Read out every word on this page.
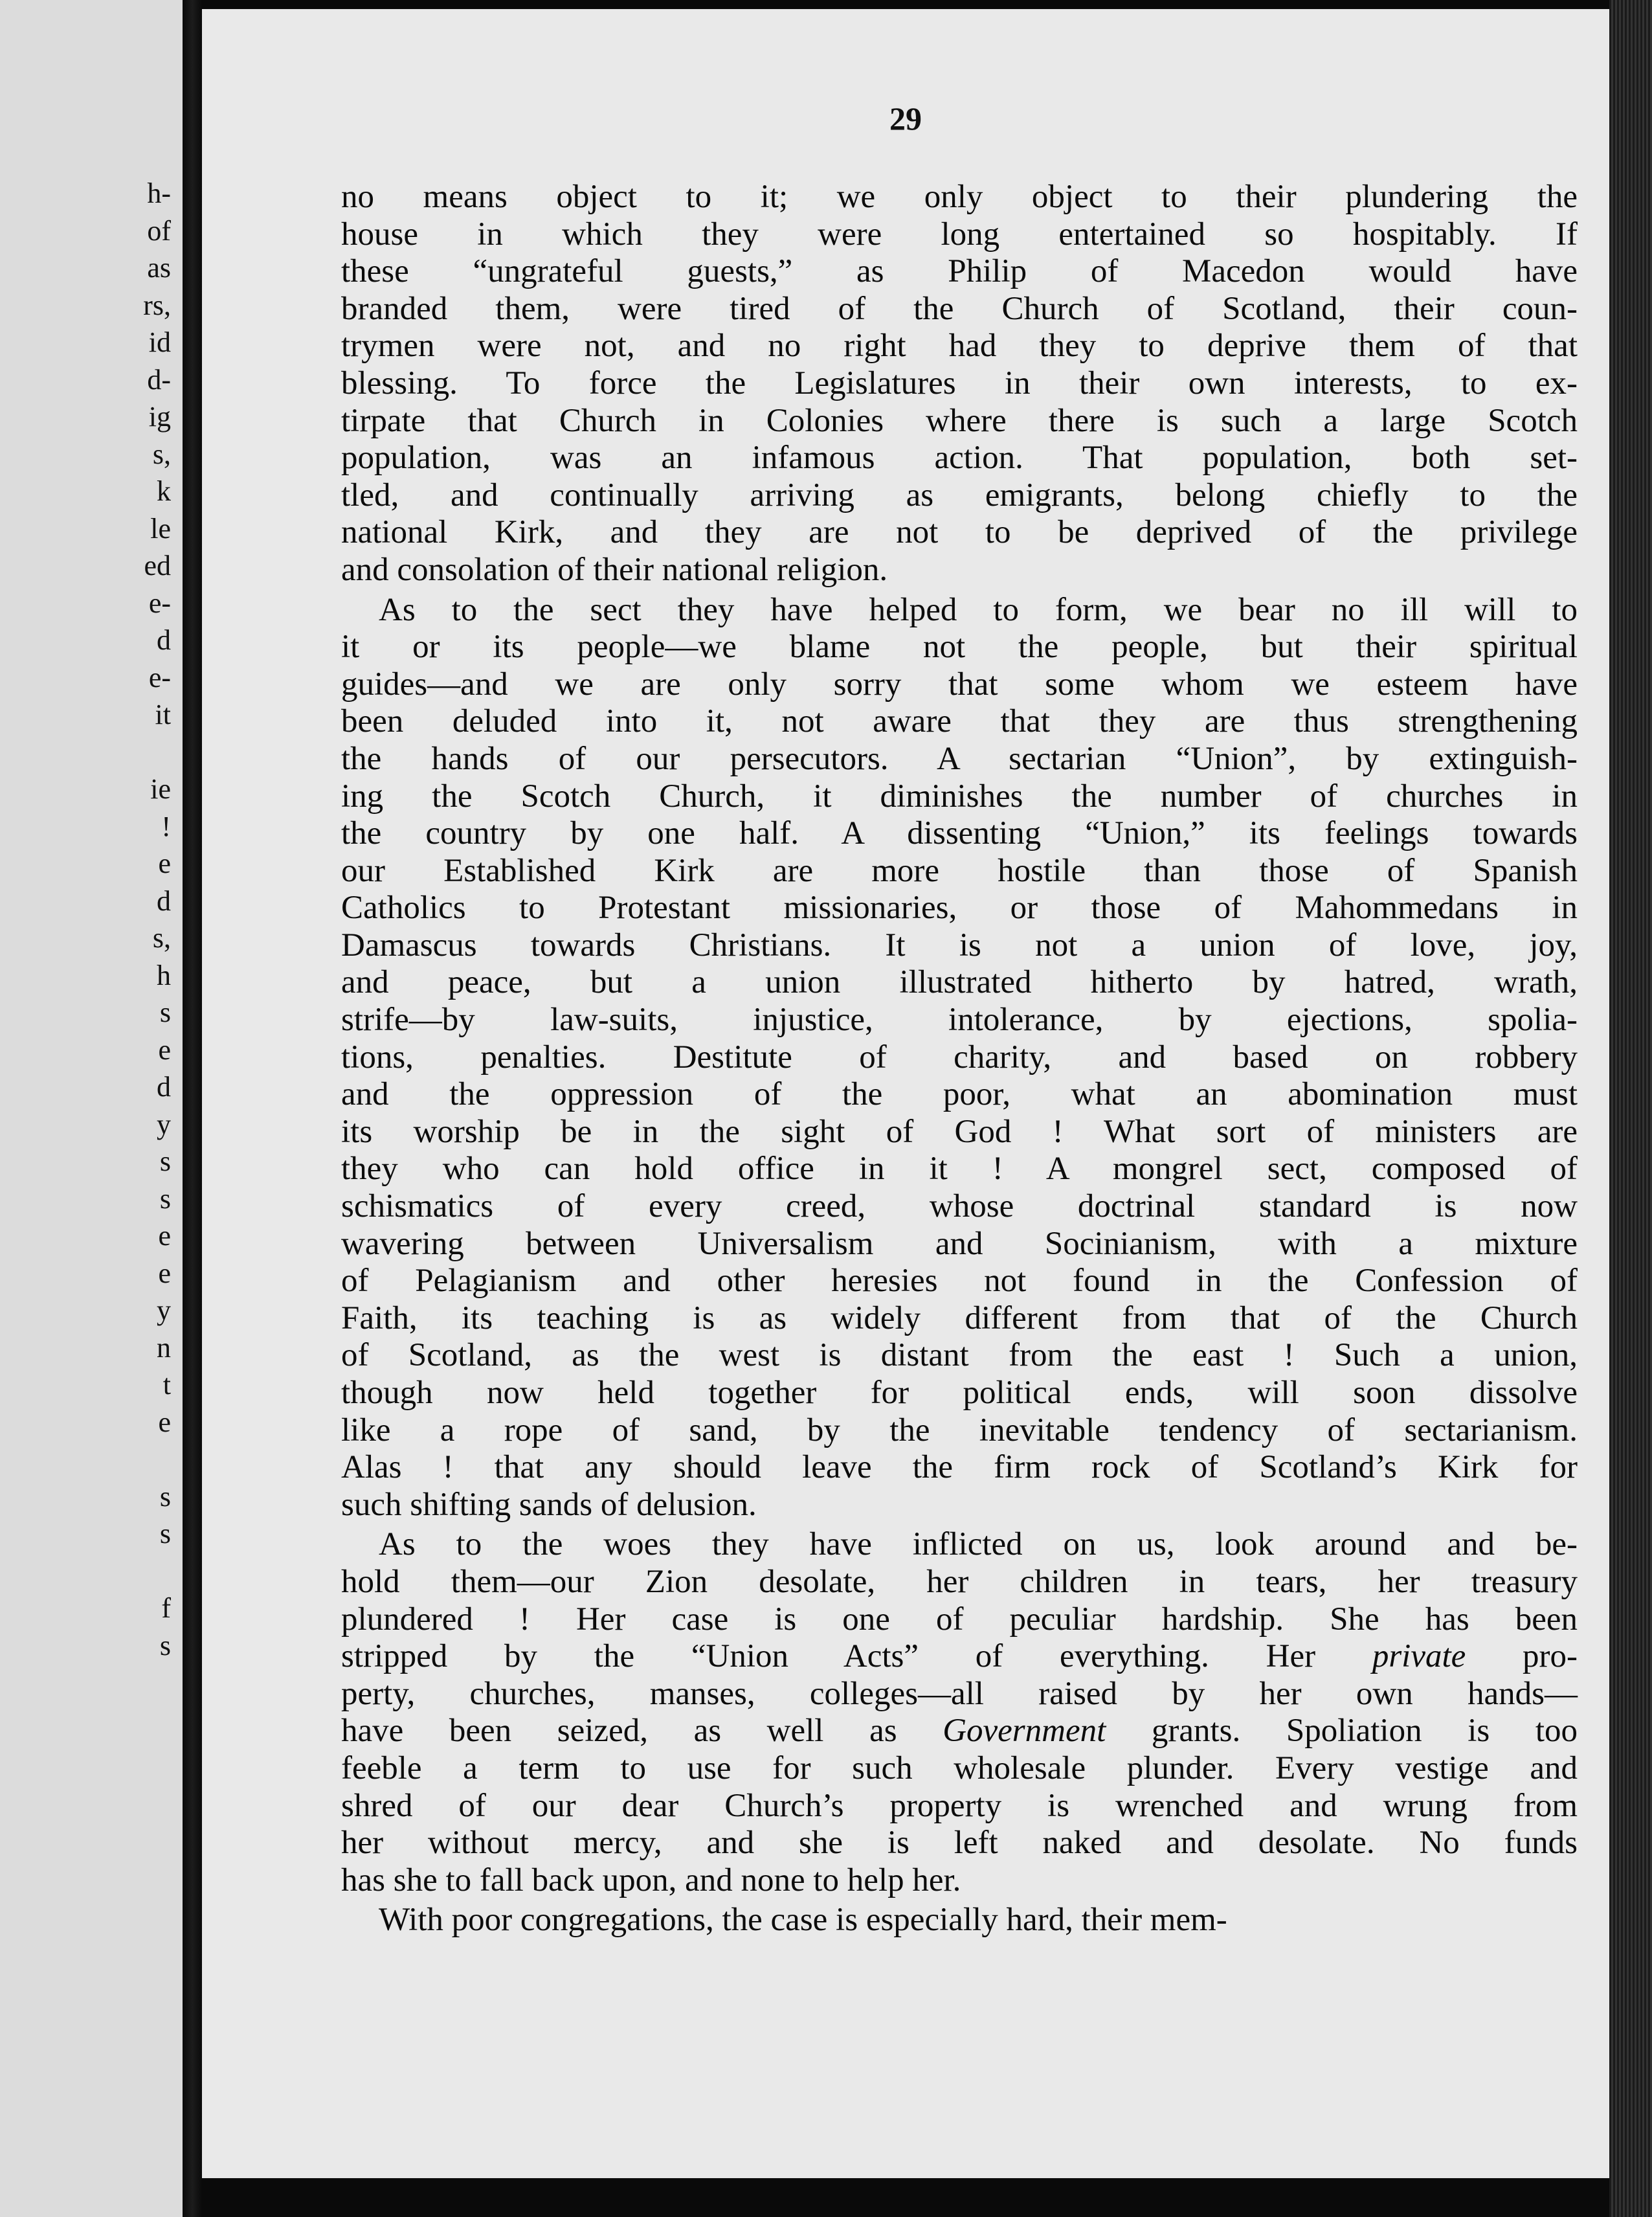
h-
of
as
rs,
id
d-
ig
s,
k
le
ed
e-
d
e-
it
ie
!
e
d
s,
h
s
e
d
y
s
s
e
e
y
n
t
e
s
s
f
s
29
no means object to it; we only object to their plundering the
house in which they were long entertained so hospitably. If
these “ungrateful guests,” as Philip of Macedon would have
branded them, were tired of the Church of Scotland, their coun-
trymen were not, and no right had they to deprive them of that
blessing. To force the Legislatures in their own interests, to ex-
tirpate that Church in Colonies where there is such a large Scotch
population, was an infamous action. That population, both set-
tled, and continually arriving as emigrants, belong chiefly to the
national Kirk, and they are not to be deprived of the privilege
and consolation of their national religion.
As to the sect they have helped to form, we bear no ill will to
it or its people—we blame not the people, but their spiritual
guides—and we are only sorry that some whom we esteem have
been deluded into it, not aware that they are thus strengthening
the hands of our persecutors. A sectarian “Union”, by extinguish-
ing the Scotch Church, it diminishes the number of churches in
the country by one half. A dissenting “Union,” its feelings towards
our Established Kirk are more hostile than those of Spanish
Catholics to Protestant missionaries, or those of Mahommedans in
Damascus towards Christians. It is not a union of love, joy,
and peace, but a union illustrated hitherto by hatred, wrath,
strife—by law-suits, injustice, intolerance, by ejections, spolia-
tions, penalties. Destitute of charity, and based on robbery
and the oppression of the poor, what an abomination must
its worship be in the sight of God ! What sort of ministers are
they who can hold office in it ! A mongrel sect, composed of
schismatics of every creed, whose doctrinal standard is now
wavering between Universalism and Socinianism, with a mixture
of Pelagianism and other heresies not found in the Confession of
Faith, its teaching is as widely different from that of the Church
of Scotland, as the west is distant from the east ! Such a union,
though now held together for political ends, will soon dissolve
like a rope of sand, by the inevitable tendency of sectarianism.
Alas ! that any should leave the firm rock of Scotland’s Kirk for
such shifting sands of delusion.
As to the woes they have inflicted on us, look around and be-
hold them—our Zion desolate, her children in tears, her treasury
plundered ! Her case is one of peculiar hardship. She has been
stripped by the “Union Acts” of everything. Her private pro-
perty, churches, manses, colleges—all raised by her own hands—
have been seized, as well as Government grants. Spoliation is too
feeble a term to use for such wholesale plunder. Every vestige and
shred of our dear Church’s property is wrenched and wrung from
her without mercy, and she is left naked and desolate. No funds
has she to fall back upon, and none to help her.
With poor congregations, the case is especially hard, their mem-
